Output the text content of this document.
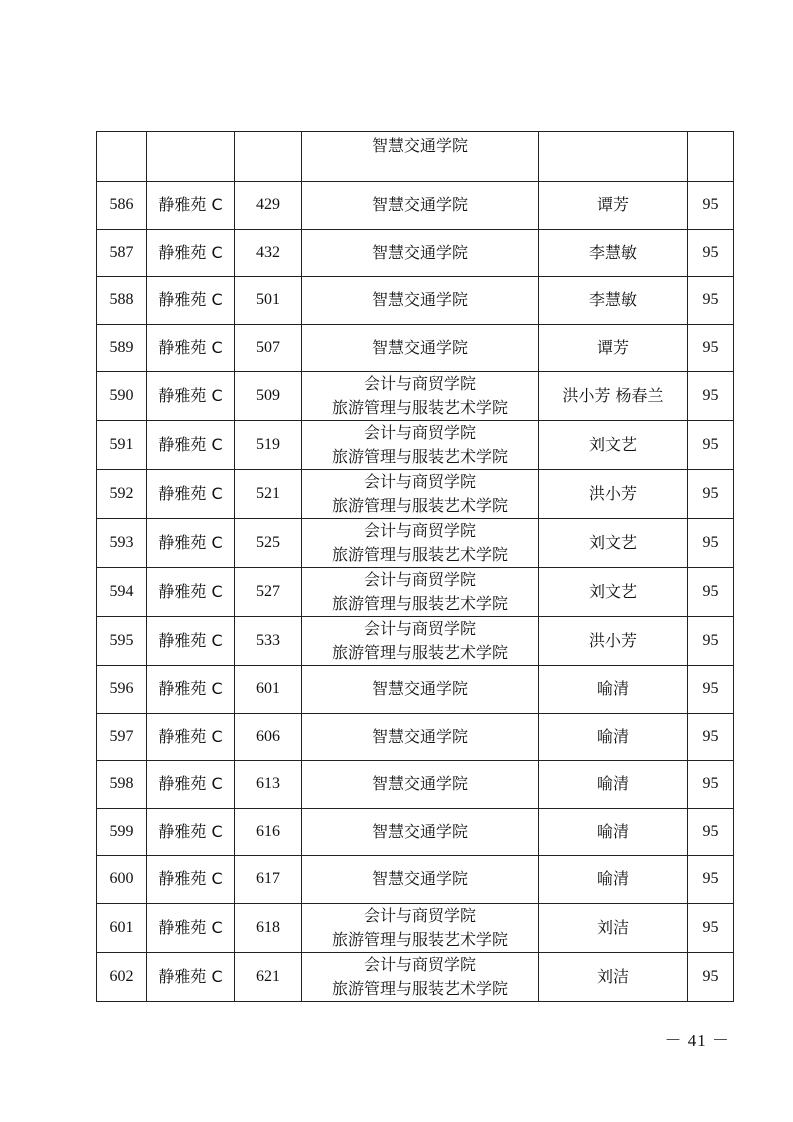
			智慧交通学院		
586	静雅苑 C	429	智慧交通学院	谭芳	95
587	静雅苑 C	432	智慧交通学院	李慧敏	95
588	静雅苑 C	501	智慧交通学院	李慧敏	95
589	静雅苑 C	507	智慧交通学院	谭芳	95
590	静雅苑 C	509	会计与商贸学院
旅游管理与服装艺术学院	洪小芳 杨春兰	95
591	静雅苑 C	519	会计与商贸学院
旅游管理与服装艺术学院	刘文艺	95
592	静雅苑 C	521	会计与商贸学院
旅游管理与服装艺术学院	洪小芳	95
593	静雅苑 C	525	会计与商贸学院
旅游管理与服装艺术学院	刘文艺	95
594	静雅苑 C	527	会计与商贸学院
旅游管理与服装艺术学院	刘文艺	95
595	静雅苑 C	533	会计与商贸学院
旅游管理与服装艺术学院	洪小芳	95
596	静雅苑 C	601	智慧交通学院	喻清	95
597	静雅苑 C	606	智慧交通学院	喻清	95
598	静雅苑 C	613	智慧交通学院	喻清	95
599	静雅苑 C	616	智慧交通学院	喻清	95
600	静雅苑 C	617	智慧交通学院	喻清	95
601	静雅苑 C	618	会计与商贸学院
旅游管理与服装艺术学院	刘洁	95
602	静雅苑 C	621	会计与商贸学院
旅游管理与服装艺术学院	刘洁	95
－ 41 －
